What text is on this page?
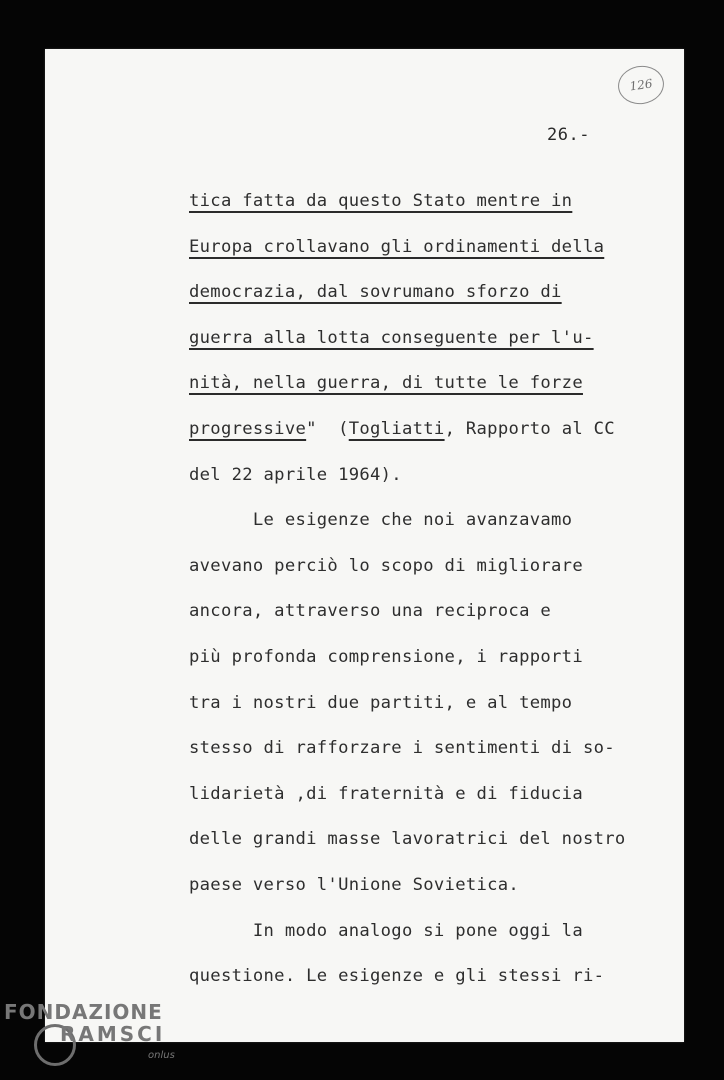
126
26.-
tica fatta da questo Stato mentre in
Europa crollavano gli ordinamenti della
democrazia, dal sovrumano sforzo di
guerra alla lotta conseguente per l'u-
nità, nella guerra, di tutte le forze
progressive"  (Togliatti, Rapporto al CC
del 22 aprile 1964).
Le esigenze che noi avanzavamo
avevano perciò lo scopo di migliorare
ancora, attraverso una reciproca e
più profonda comprensione, i rapporti
tra i nostri due partiti, e al tempo
stesso di rafforzare i sentimenti di so-
lidarietà ,di fraternità e di fiducia
delle grandi masse lavoratrici del nostro
paese verso l'Unione Sovietica.
In modo analogo si pone oggi la
questione. Le esigenze e gli stessi ri-
FONDAZIONE
RAMSCI
onlus
